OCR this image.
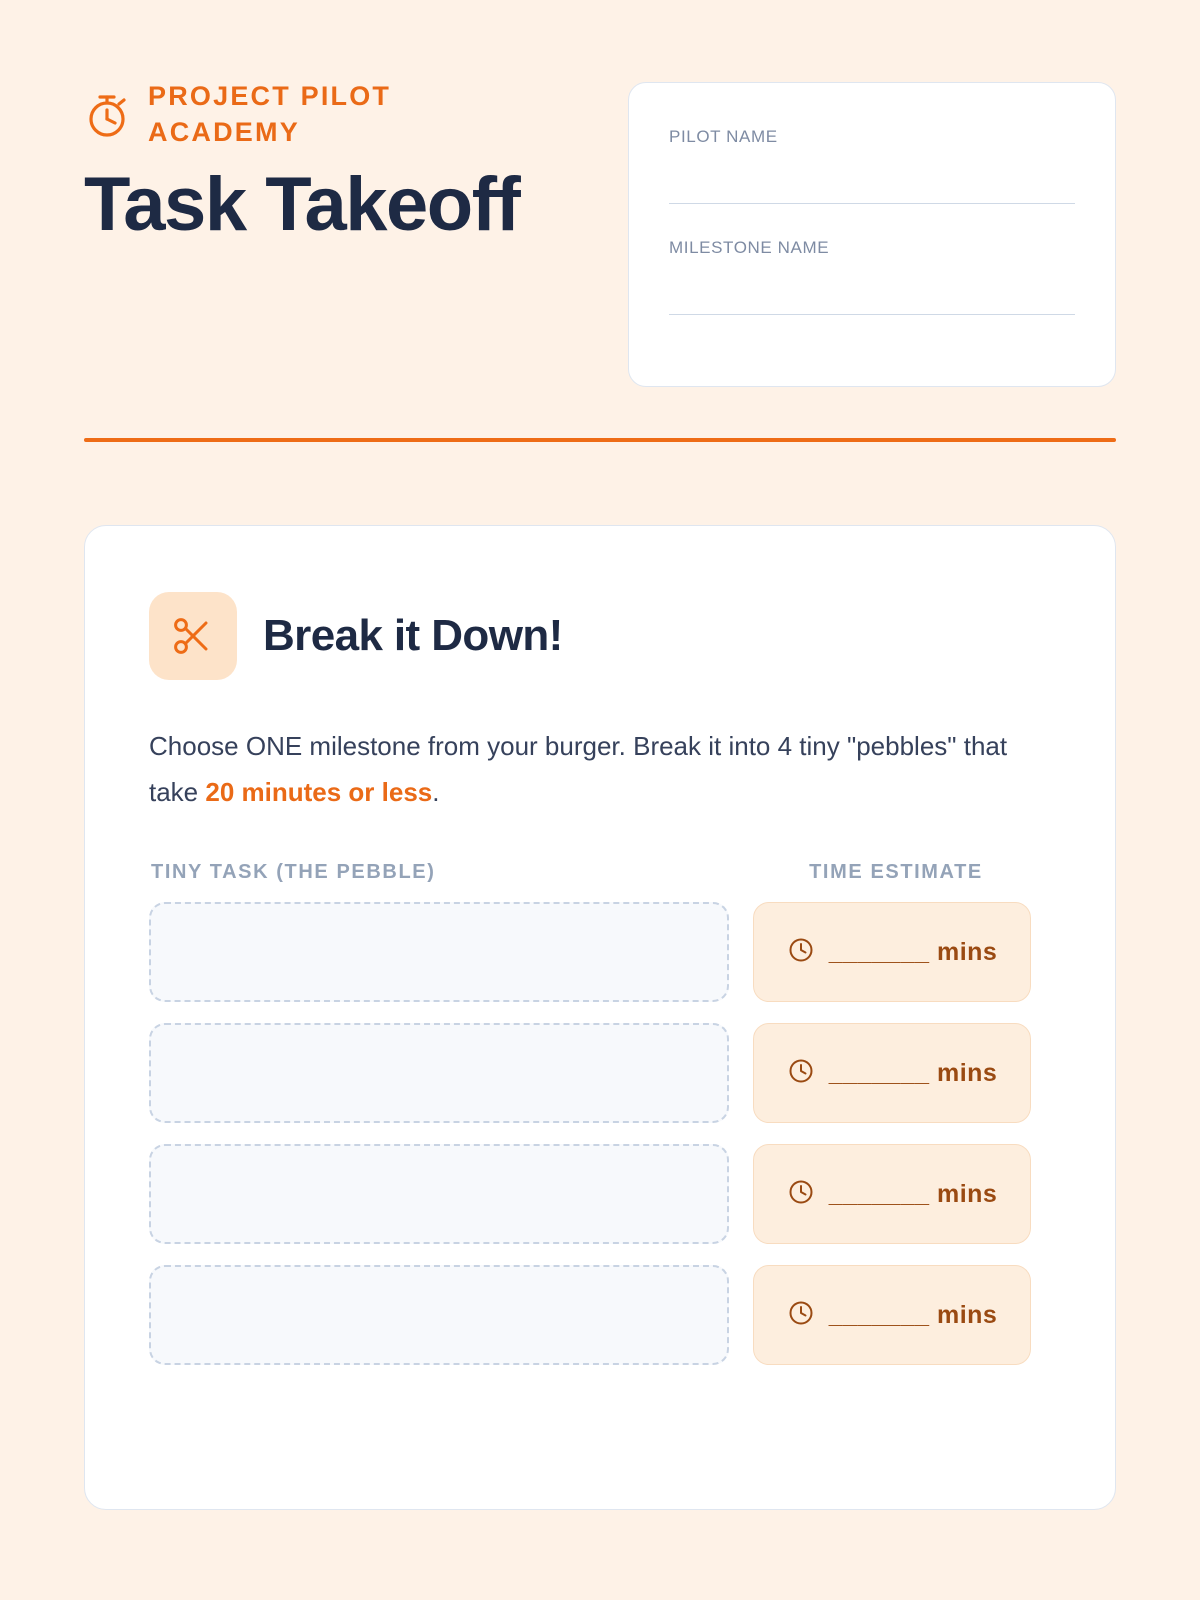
PROJECT PILOT ACADEMY
Task Takeoff
PILOT NAME
MILESTONE NAME
Break it Down!
Choose ONE milestone from your burger. Break it into 4 tiny "pebbles" that take 20 minutes or less.
TINY TASK (THE PEBBLE)	TIME ESTIMATE
_______ mins
_______ mins
_______ mins
_______ mins
